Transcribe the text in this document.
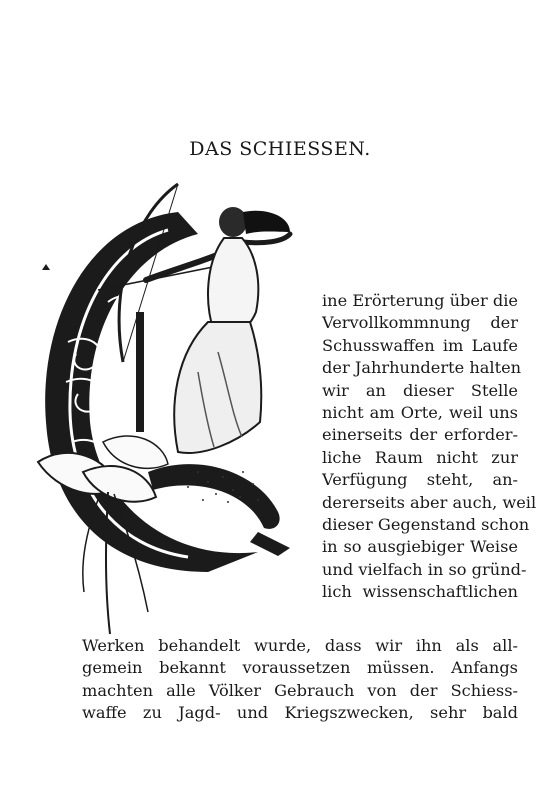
DAS SCHIESSEN.
ine Erörterung über die
Vervollkommnung der
Schusswaffen im Laufe
der Jahrhunderte halten
wir an dieser Stelle
nicht am Orte, weil uns
einerseits der erforder-
liche Raum nicht zur
Verfügung steht, an-
dererseits aber auch, weil
dieser Gegenstand schon
in so ausgiebiger Weise
und vielfach in so gründ-
lich wissenschaftlichen
Werken behandelt wurde, dass wir ihn als all-
gemein bekannt voraussetzen müssen. Anfangs
machten alle Völker Gebrauch von der Schiess-
waffe zu Jagd- und Kriegszwecken, sehr bald
